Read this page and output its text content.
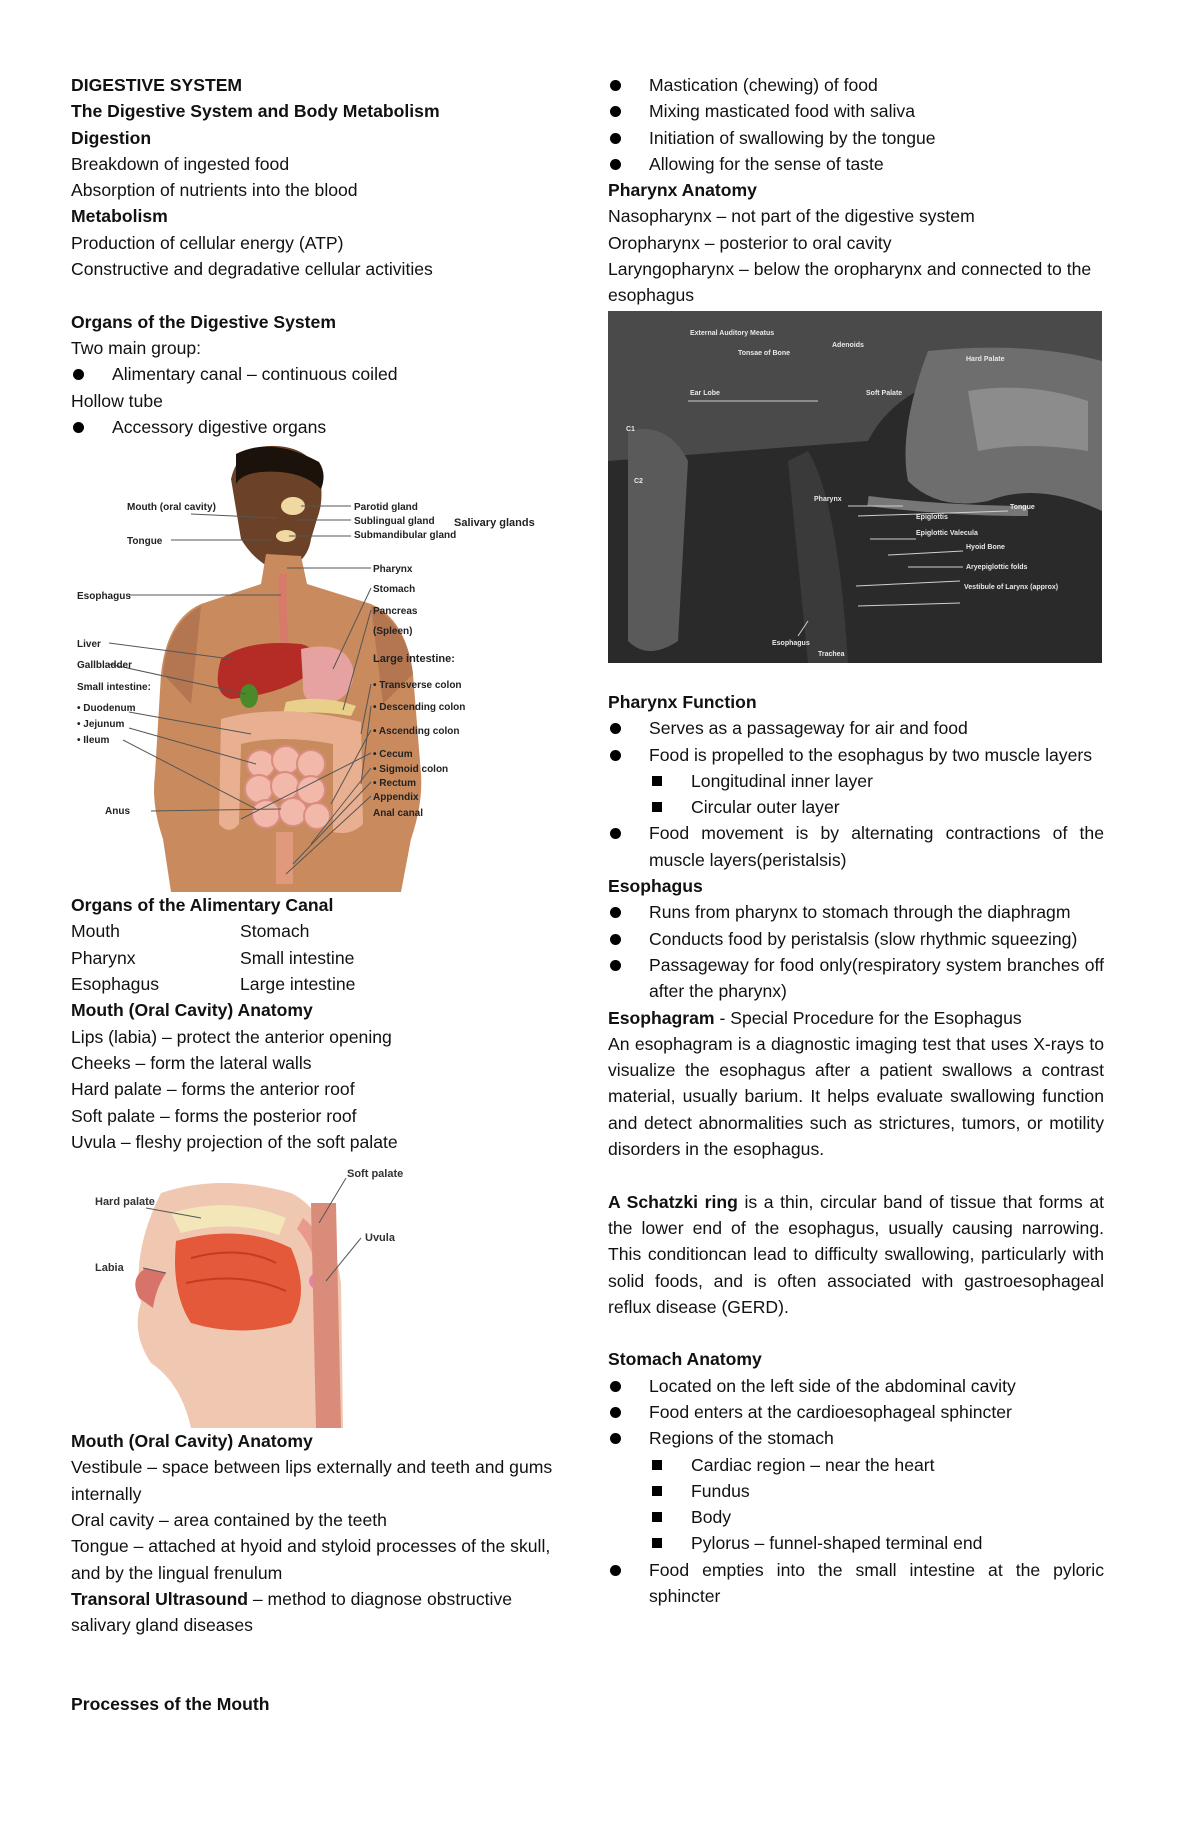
DIGESTIVE SYSTEM
The Digestive System and Body Metabolism
Digestion
Breakdown of ingested food
Absorption of nutrients into the blood
Metabolism
Production of cellular energy (ATP)
Constructive and degradative cellular activities
Organs of the Digestive System
Two main group:
Alimentary canal – continuous coiled
Hollow tube
Accessory digestive organs
Mouth (oral cavity)
Tongue
Esophagus
Liver
Gallbladder
Small intestine:
• Duodenum
• Jejunum
• Ileum
Anus
Parotid gland
Sublingual gland
Submandibular gland
Salivary glands
Pharynx
Stomach
Pancreas
(Spleen)
Large intestine:
• Transverse colon
• Descending colon
• Ascending colon
• Cecum
• Sigmoid colon
• Rectum
Appendix
Anal canal
Organs of the Alimentary Canal
Mouth	Stomach
Pharynx	Small intestine
Esophagus	Large intestine
Mouth (Oral Cavity) Anatomy
Lips (labia) – protect the anterior opening
Cheeks – form the lateral walls
Hard palate – forms the anterior roof
Soft palate – forms the posterior roof
Uvula – fleshy projection of the soft palate
Soft palate
Hard palate
Uvula
Labia
Mouth (Oral Cavity) Anatomy
Vestibule – space between lips externally and teeth and gums internally
Oral cavity – area contained by the teeth
Tongue – attached at hyoid and styloid processes of the skull, and by the lingual frenulum
Transoral Ultrasound – method to diagnose obstructive salivary gland diseases
Processes of the Mouth
Mastication (chewing) of food
Mixing masticated food with saliva
Initiation of swallowing by the tongue
Allowing for the sense of taste
Pharynx Anatomy
Nasopharynx – not part of the digestive system
Oropharynx – posterior to oral cavity
Laryngopharynx – below the oropharynx and connected to the esophagus
External Auditory Meatus
Tonsae of Bone
Adenoids
Hard Palate
Ear Lobe	Soft Palate
C1
C2
Pharynx
Epiglottis
Tongue
Epiglottic Valecula
Hyoid Bone
Aryepiglottic folds
Vestibule of Larynx (approx)
Esophagus
Trachea
Pharynx Function
Serves as a passageway for air and food
Food is propelled to the esophagus by two muscle layers
Longitudinal inner layer
Circular outer layer
Food movement is by alternating contractions of the muscle layers(peristalsis)
Esophagus
Runs from pharynx to stomach through the diaphragm
Conducts food by peristalsis (slow rhythmic squeezing)
Passageway for food only(respiratory system branches off after the pharynx)
Esophagram - Special Procedure for the Esophagus
An esophagram is a diagnostic imaging test that uses X-rays to visualize the esophagus after a patient swallows a contrast material, usually barium. It helps evaluate swallowing function and detect abnormalities such as strictures, tumors, or motility disorders in the esophagus.
A Schatzki ring is a thin, circular band of tissue that forms at the lower end of the esophagus, usually causing narrowing. This conditioncan lead to difficulty swallowing, particularly with solid foods, and is often associated with gastroesophageal reflux disease (GERD).
Stomach Anatomy
Located on the left side of the abdominal cavity
Food enters at the cardioesophageal sphincter
Regions of the stomach
Cardiac region – near the heart
Fundus
Body
Pylorus – funnel-shaped terminal end
Food empties into the small intestine at the pyloric sphincter
